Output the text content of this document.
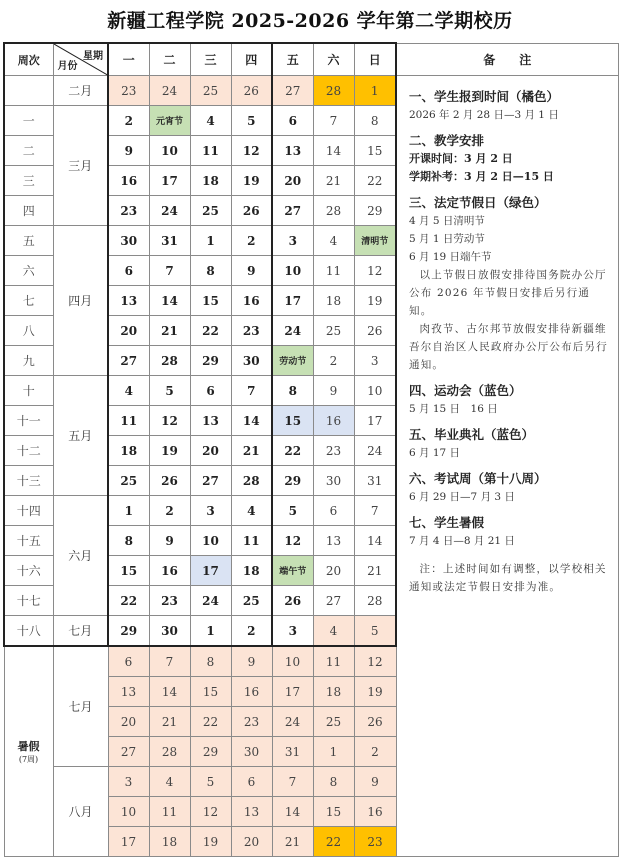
新疆工程学院 2025-2026 学年第二学期校历
周次	星期
月份	一	二	三	四	五	六	日	备　　注
	二月	23	24	25	26	27	28	1	一、学生报到时间（橘色）
2026 年 2 月 28 日—3 月 1 日
二、教学安排
开课时间：3 月 2 日
学期补考：3 月 2 日—15 日
三、法定节假日（绿色）
4 月 5 日清明节
5 月 1 日劳动节
6 月 19 日端午节
以上节假日放假安排待国务院办公厅公布 2026 年节假日安排后另行通知。
肉孜节、古尔邦节放假安排待新疆维吾尔自治区人民政府办公厅公布后另行通知。
四、运动会（蓝色）
5 月 15 日　16 日
五、毕业典礼（蓝色）
6 月 17 日
六、考试周（第十八周）
6 月 29 日—7 月 3 日
七、学生暑假
7 月 4 日—8 月 21 日
注：上述时间如有调整，以学校相关通知或法定节假日安排为准。

一	三月	2	元宵节	4	5	6	7	8	
二		9	10	11	12	13	14	15	
三		16	17	18	19	20	21	22	
四		23	24	25	26	27	28	29	
五	四月	30	31	1	2	3	4	清明节	
六		6	7	8	9	10	11	12	
七		13	14	15	16	17	18	19	
八		20	21	22	23	24	25	26	
九		27	28	29	30	劳动节	2	3	
十	五月	4	5	6	7	8	9	10	
十一		11	12	13	14	15	16	17	
十二		18	19	20	21	22	23	24	
十三		25	26	27	28	29	30	31	
十四	六月	1	2	3	4	5	6	7	
十五		8	9	10	11	12	13	14	
十六		15	16	17	18	端午节	20	21	
十七		22	23	24	25	26	27	28	
十八	七月	29	30	1	2	3	4	5	

暑假
(7周)	七月	6	7	8	9	10	11	12	
		13	14	15	16	17	18	19	
		20	21	22	23	24	25	26	
		27	28	29	30	31	1	2	
	八月	3	4	5	6	7	8	9	
		10	11	12	13	14	15	16	
		17	18	19	20	21	22	23	
